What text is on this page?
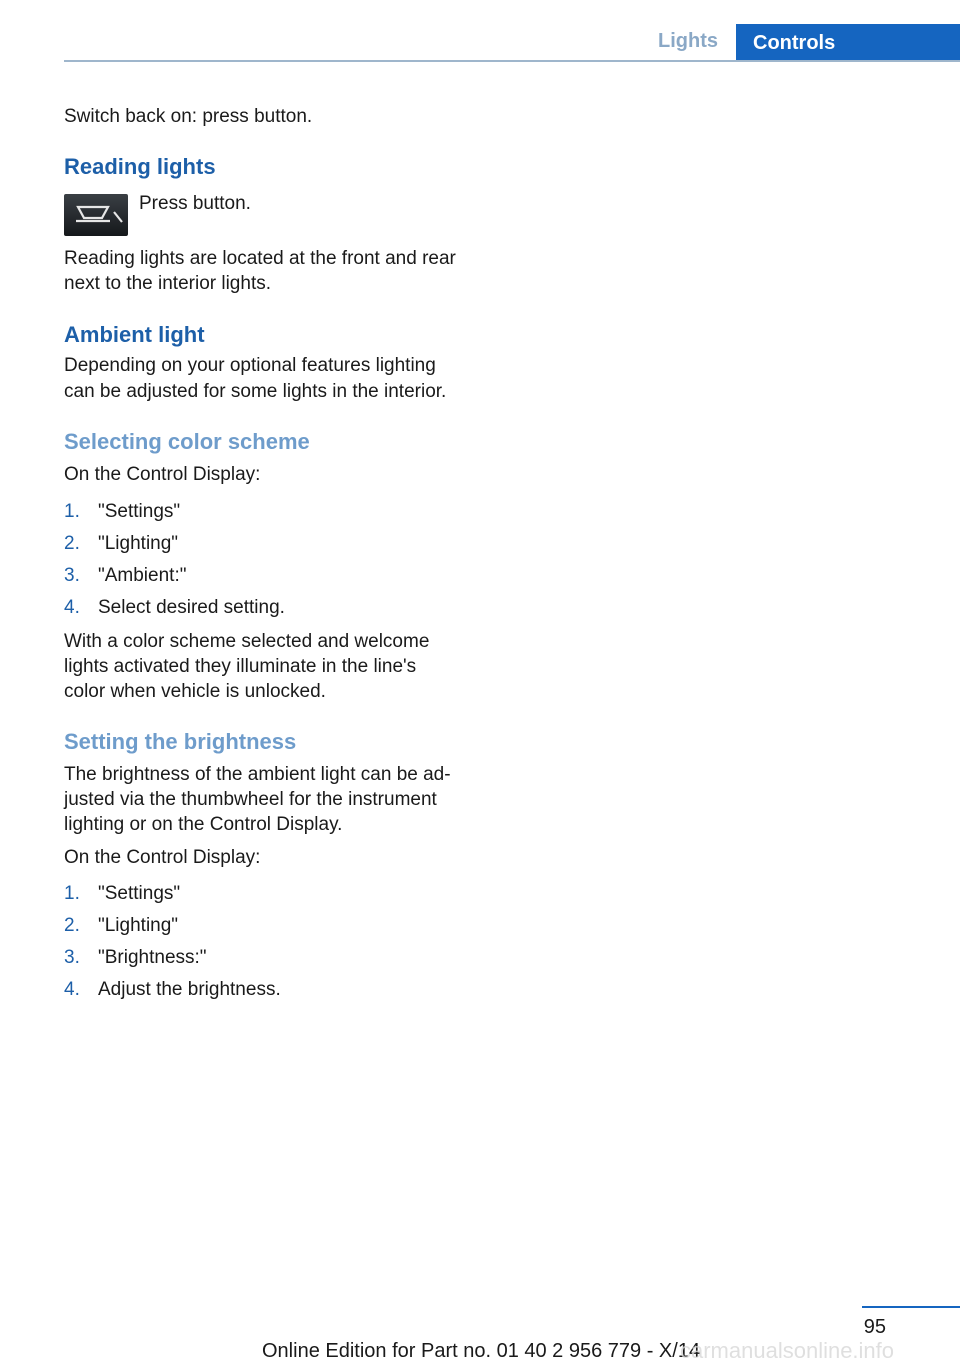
Lights	Controls
Switch back on: press button.
Reading lights
Press button.
Reading lights are located at the front and rear
next to the interior lights.
Ambient light
Depending on your optional features lighting
can be adjusted for some lights in the interior.
Selecting color scheme
On the Control Display:
1. "Settings"
2. "Lighting"
3. "Ambient:"
4. Select desired setting.
With a color scheme selected and welcome
lights activated they illuminate in the line's
color when vehicle is unlocked.
Setting the brightness
The brightness of the ambient light can be ad‐
justed via the thumbwheel for the instrument
lighting or on the Control Display.
On the Control Display:
1. "Settings"
2. "Lighting"
3. "Brightness:"
4. Adjust the brightness.
95
Online Edition for Part no. 01 40 2 956 779 - X/14
carmanualsonline.info
